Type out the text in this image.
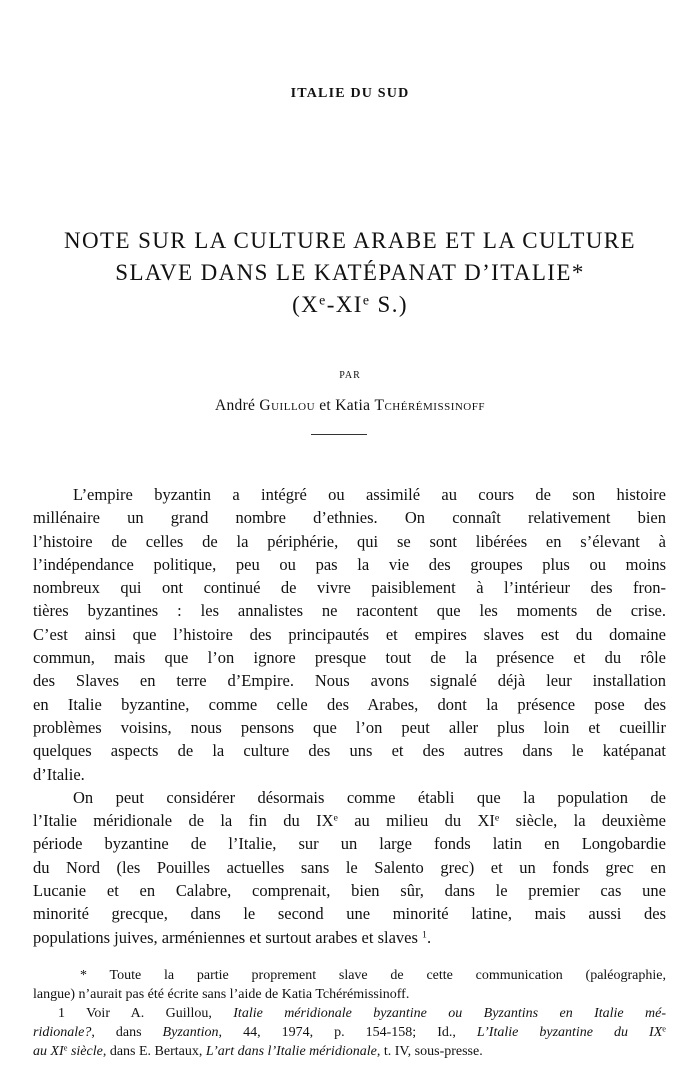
ITALIE DU SUD
NOTE SUR LA CULTURE ARABE ET LA CULTURE
SLAVE DANS LE KATÉPANAT D’ITALIE*
(Xe-XIe S.)
PAR
André Guillou et Katia Tchérémissinoff
L’empire byzantin a intégré ou assimilé au cours de son histoire
millénaire un grand nombre d’ethnies. On connaît relativement bien
l’histoire de celles de la périphérie, qui se sont libérées en s’élevant à
l’indépendance politique, peu ou pas la vie des groupes plus ou moins
nombreux qui ont continué de vivre paisiblement à l’intérieur des fron-
tières byzantines : les annalistes ne racontent que les moments de crise.
C’est ainsi que l’histoire des principautés et empires slaves est du domaine
commun, mais que l’on ignore presque tout de la présence et du rôle
des Slaves en terre d’Empire. Nous avons signalé déjà leur installation
en Italie byzantine, comme celle des Arabes, dont la présence pose des
problèmes voisins, nous pensons que l’on peut aller plus loin et cueillir
quelques aspects de la culture des uns et des autres dans le katépanat
d’Italie.
On peut considérer désormais comme établi que la population de
l’Italie méridionale de la fin du IXe au milieu du XIe siècle, la deuxième
période byzantine de l’Italie, sur un large fonds latin en Longobardie
du Nord (les Pouilles actuelles sans le Salento grec) et un fonds grec en
Lucanie et en Calabre, comprenait, bien sûr, dans le premier cas une
minorité grecque, dans le second une minorité latine, mais aussi des
populations juives, arméniennes et surtout arabes et slaves $^1$.
* Toute la partie proprement slave de cette communication (paléographie,
langue) n’aurait pas été écrite sans l’aide de Katia Tchérémissinoff.
1 Voir A. Guillou, Italie méridionale byzantine ou Byzantins en Italie mé-
ridionale?, dans Byzantion, 44, 1974, p. 154-158; Id., L’Italie byzantine du IXe
au XIe siècle, dans E. Bertaux, L’art dans l’Italie méridionale, t. IV, sous-presse.
